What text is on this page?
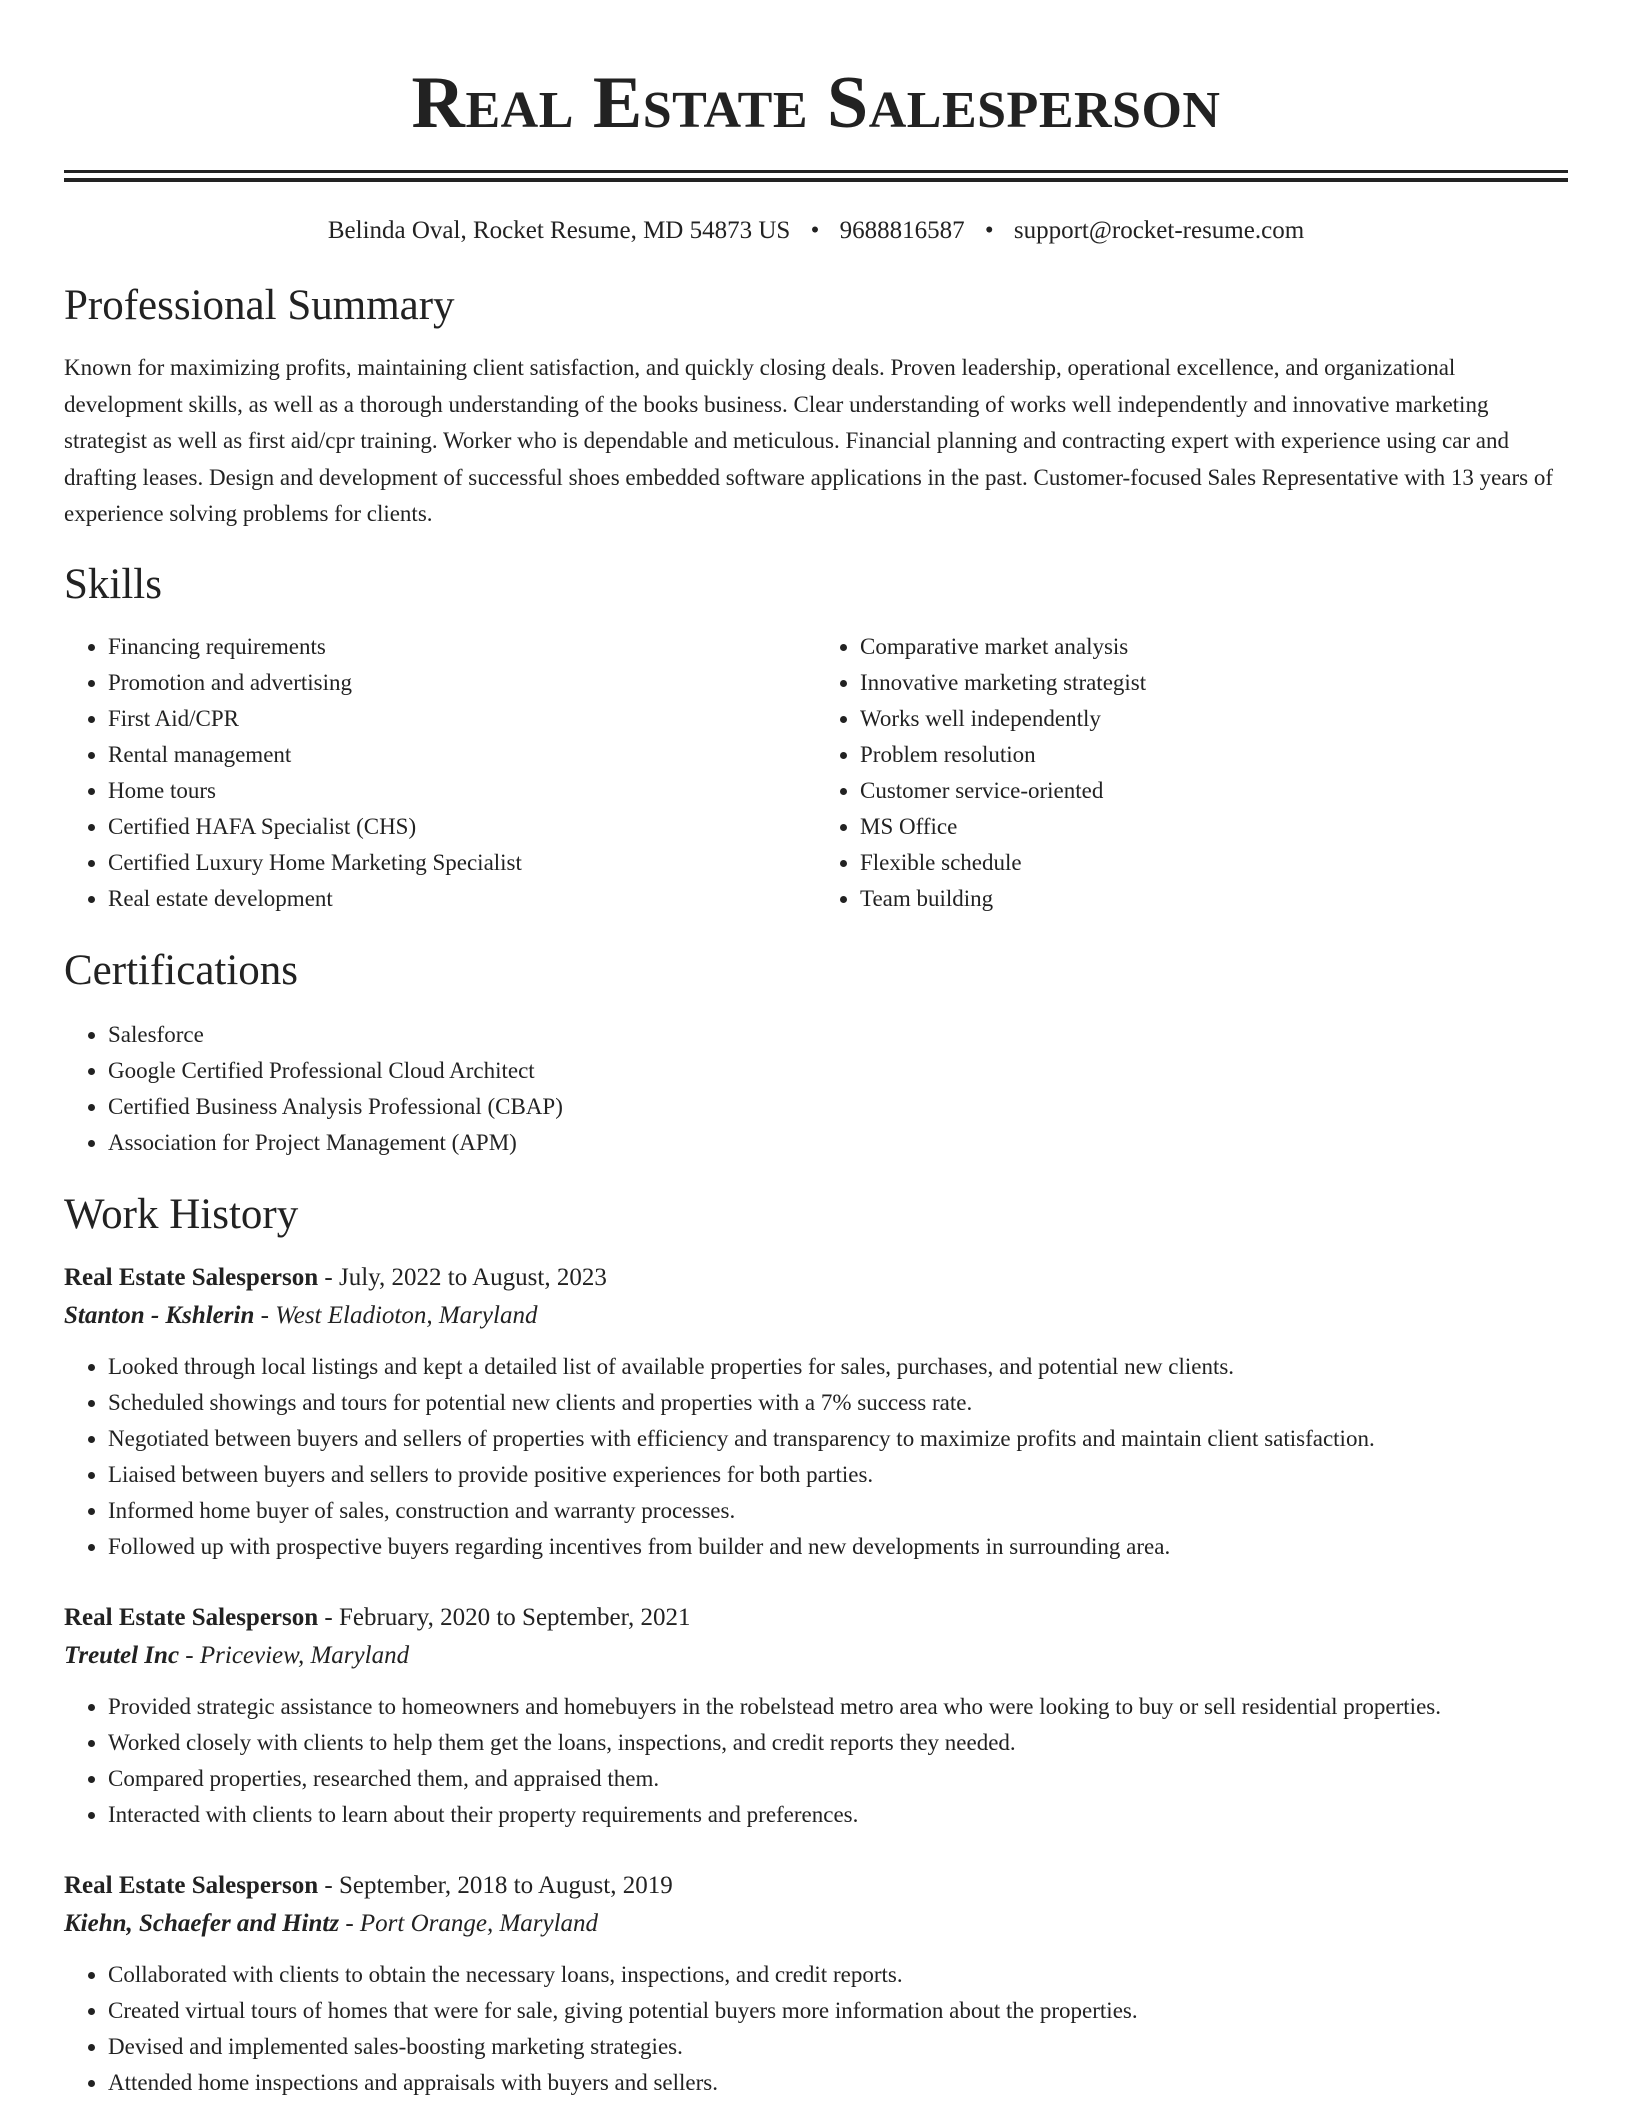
Real Estate Salesperson
Belinda Oval, Rocket Resume, MD 54873 US • 9688816587 • support@rocket-resume.com
Professional Summary

Known for maximizing profits, maintaining client satisfaction, and quickly closing deals. Proven leadership, operational excellence, and organizational development skills, as well as a thorough understanding of the books business. Clear understanding of works well independently and innovative marketing strategist as well as first aid/cpr training. Worker who is dependable and meticulous. Financial planning and contracting expert with experience using car and drafting leases. Design and development of successful shoes embedded software applications in the past. Customer-focused Sales Representative with 13 years of experience solving problems for clients.

Skills
• Financing requirements
• Promotion and advertising
• First Aid/CPR
• Rental management
• Home tours
• Certified HAFA Specialist (CHS)
• Certified Luxury Home Marketing Specialist
• Real estate development
• Comparative market analysis
• Innovative marketing strategist
• Works well independently
• Problem resolution
• Customer service-oriented
• MS Office
• Flexible schedule
• Team building
Certifications
• Salesforce
• Google Certified Professional Cloud Architect
• Certified Business Analysis Professional (CBAP)
• Association for Project Management (APM)
Work History
Real Estate Salesperson - July, 2022 to August, 2023
Stanton - Kshlerin - West Eladioton, Maryland
• Looked through local listings and kept a detailed list of available properties for sales, purchases, and potential new clients.
• Scheduled showings and tours for potential new clients and properties with a 7% success rate.
• Negotiated between buyers and sellers of properties with efficiency and transparency to maximize profits and maintain client satisfaction.
• Liaised between buyers and sellers to provide positive experiences for both parties.
• Informed home buyer of sales, construction and warranty processes.
• Followed up with prospective buyers regarding incentives from builder and new developments in surrounding area.
Real Estate Salesperson - February, 2020 to September, 2021
Treutel Inc - Priceview, Maryland
• Provided strategic assistance to homeowners and homebuyers in the robelstead metro area who were looking to buy or sell residential properties.
• Worked closely with clients to help them get the loans, inspections, and credit reports they needed.
• Compared properties, researched them, and appraised them.
• Interacted with clients to learn about their property requirements and preferences.
Real Estate Salesperson - September, 2018 to August, 2019
Kiehn, Schaefer and Hintz - Port Orange, Maryland
• Collaborated with clients to obtain the necessary loans, inspections, and credit reports.
• Created virtual tours of homes that were for sale, giving potential buyers more information about the properties.
• Devised and implemented sales-boosting marketing strategies.
• Attended home inspections and appraisals with buyers and sellers.
